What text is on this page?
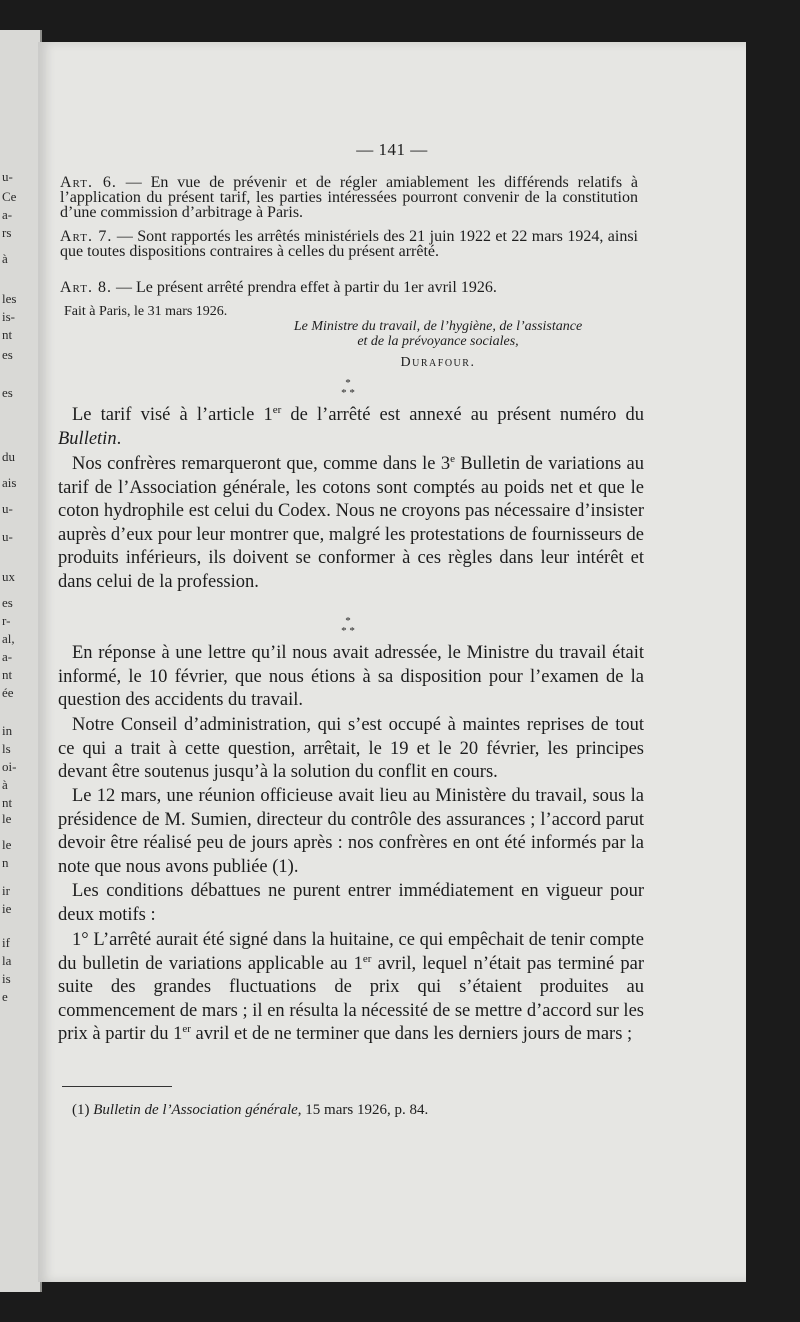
u-
Ce
a-
rs
à
les
is-
nt
es
es
du
ais
u-
u-
ux
es
r-
al,
a-
nt
ée
in
ls
oi-
à
nt
le
le
n
ir
ie
if
la
is
e
— 141 —
Art. 6. — En vue de prévenir et de régler amiablement les différends relatifs à l’application du présent tarif, les parties intéressées pourront convenir de la constitution d’une commission d’arbitrage à Paris.
Art. 7. — Sont rapportés les arrêtés ministériels des 21 juin 1922 et 22 mars 1924, ainsi que toutes dispositions contraires à celles du présent arrêté.
Art. 8. — Le présent arrêté prendra effet à partir du 1er avril 1926.
Fait à Paris, le 31 mars 1926.
Le Ministre du travail, de l’hygiène, de l’assistance
et de la prévoyance sociales,
Durafour.
*
* *
Le tarif visé à l’article 1er de l’arrêté est annexé au présent numéro du Bulletin.
Nos confrères remarqueront que, comme dans le 3e Bulletin de variations au tarif de l’Association générale, les cotons sont comptés au poids net et que le coton hydrophile est celui du Codex. Nous ne croyons pas nécessaire d’insister auprès d’eux pour leur montrer que, malgré les protestations de fournisseurs de produits inférieurs, ils doivent se conformer à ces règles dans leur intérêt et dans celui de la profession.
*
* *
En réponse à une lettre qu’il nous avait adressée, le Ministre du travail était informé, le 10 février, que nous étions à sa disposition pour l’examen de la question des accidents du travail.
Notre Conseil d’administration, qui s’est occupé à maintes reprises de tout ce qui a trait à cette question, arrêtait, le 19 et le 20 février, les principes devant être soutenus jusqu’à la solution du conflit en cours.
Le 12 mars, une réunion officieuse avait lieu au Ministère du travail, sous la présidence de M. Sumien, directeur du contrôle des assurances ; l’accord parut devoir être réalisé peu de jours après : nos confrères en ont été informés par la note que nous avons publiée (1).
Les conditions débattues ne purent entrer immédiatement en vigueur pour deux motifs :
1° L’arrêté aurait été signé dans la huitaine, ce qui empêchait de tenir compte du bulletin de variations applicable au 1er avril, lequel n’était pas terminé par suite des grandes fluctuations de prix qui s’étaient produites au commencement de mars ; il en résulta la nécessité de se mettre d’accord sur les prix à partir du 1er avril et de ne terminer que dans les derniers jours de mars ;
(1) Bulletin de l’Association générale, 15 mars 1926, p. 84.
